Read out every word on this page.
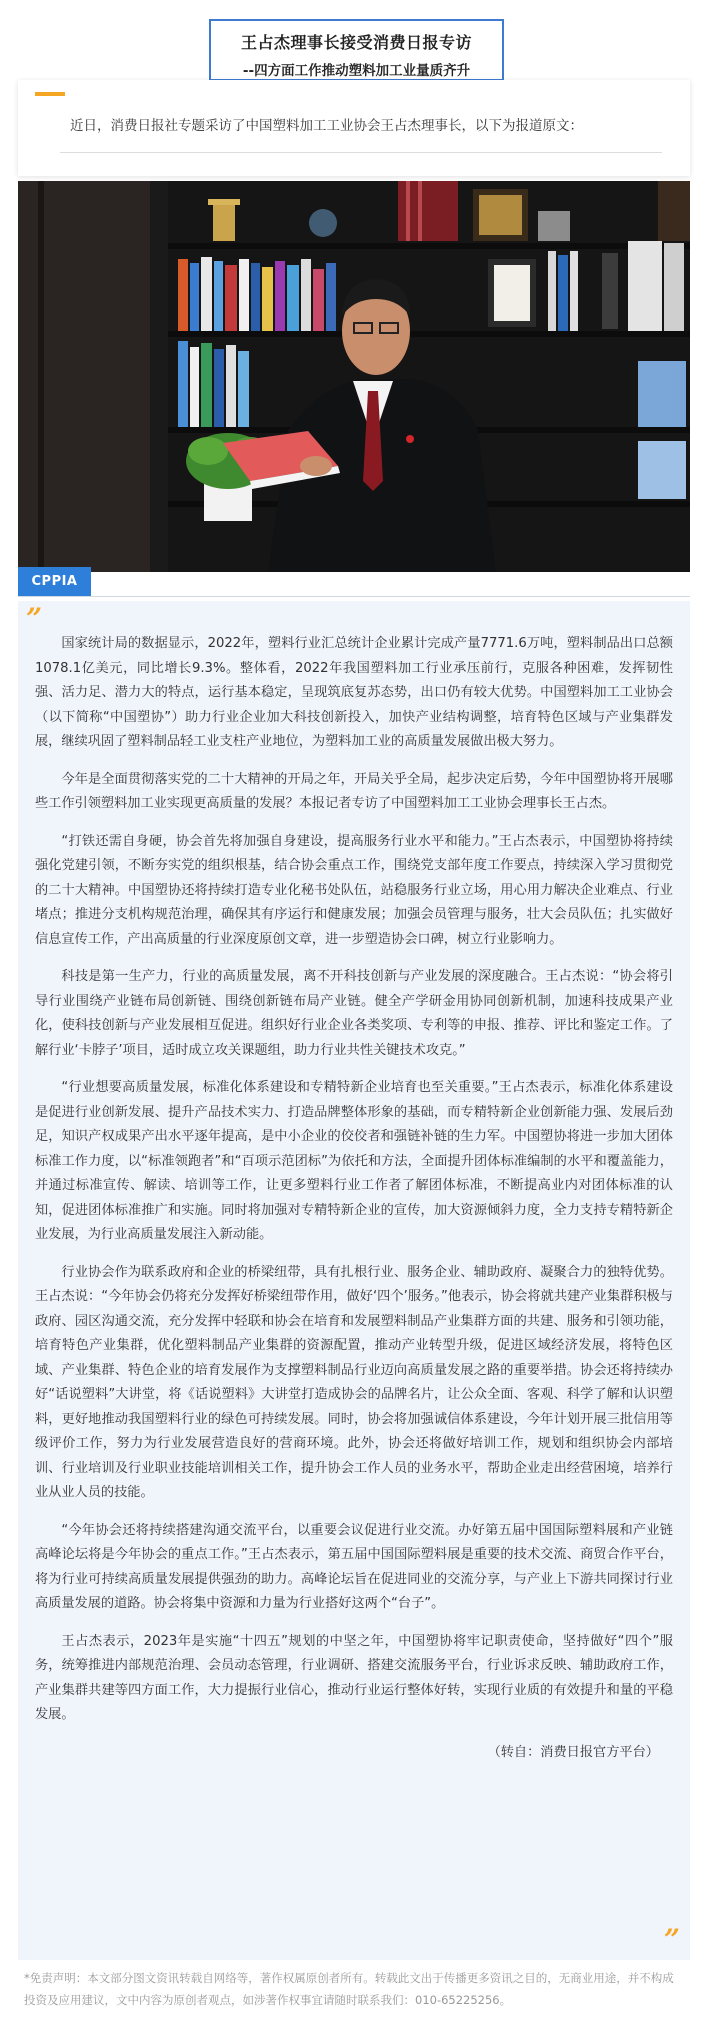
王占杰理事长接受消费日报专访
--四方面工作推动塑料加工业量质齐升
近日，消费日报社专题采访了中国塑料加工工业协会王占杰理事长，以下为报道原文：
CPPIA
”

国家统计局的数据显示，2022年，塑料行业汇总统计企业累计完成产量7771.6万吨，塑料制品出口总额1078.1亿美元，同比增长9.3%。整体看，2022年我国塑料加工行业承压前行，克服各种困难，发挥韧性强、活力足、潜力大的特点，运行基本稳定，呈现筑底复苏态势，出口仍有较大优势。中国塑料加工工业协会（以下简称“中国塑协”）助力行业企业加大科技创新投入，加快产业结构调整，培育特色区域与产业集群发展，继续巩固了塑料制品轻工业支柱产业地位，为塑料加工业的高质量发展做出极大努力。

今年是全面贯彻落实党的二十大精神的开局之年，开局关乎全局，起步决定后势，今年中国塑协将开展哪些工作引领塑料加工业实现更高质量的发展？本报记者专访了中国塑料加工工业协会理事长王占杰。

“打铁还需自身硬，协会首先将加强自身建设，提高服务行业水平和能力。”王占杰表示，中国塑协将持续强化党建引领，不断夯实党的组织根基，结合协会重点工作，围绕党支部年度工作要点，持续深入学习贯彻党的二十大精神。中国塑协还将持续打造专业化秘书处队伍，站稳服务行业立场，用心用力解决企业难点、行业堵点；推进分支机构规范治理，确保其有序运行和健康发展；加强会员管理与服务，壮大会员队伍；扎实做好信息宣传工作，产出高质量的行业深度原创文章，进一步塑造协会口碑，树立行业影响力。

科技是第一生产力，行业的高质量发展，离不开科技创新与产业发展的深度融合。王占杰说：“协会将引导行业围绕产业链布局创新链、围绕创新链布局产业链。健全产学研金用协同创新机制，加速科技成果产业化，使科技创新与产业发展相互促进。组织好行业企业各类奖项、专利等的申报、推荐、评比和鉴定工作。了解行业‘卡脖子’项目，适时成立攻关课题组，助力行业共性关键技术攻克。”

“行业想要高质量发展，标准化体系建设和专精特新企业培育也至关重要。”王占杰表示，标准化体系建设是促进行业创新发展、提升产品技术实力、打造品牌整体形象的基础，而专精特新企业创新能力强、发展后劲足，知识产权成果产出水平逐年提高，是中小企业的佼佼者和强链补链的生力军。中国塑协将进一步加大团体标准工作力度，以“标准领跑者”和“百项示范团标”为依托和方法，全面提升团体标准编制的水平和覆盖能力，并通过标准宣传、解读、培训等工作，让更多塑料行业工作者了解团体标准，不断提高业内对团体标准的认知，促进团体标准推广和实施。同时将加强对专精特新企业的宣传，加大资源倾斜力度，全力支持专精特新企业发展，为行业高质量发展注入新动能。

行业协会作为联系政府和企业的桥梁纽带，具有扎根行业、服务企业、辅助政府、凝聚合力的独特优势。王占杰说：“今年协会仍将充分发挥好桥梁纽带作用，做好‘四个’服务。”他表示，协会将就共建产业集群积极与政府、园区沟通交流，充分发挥中轻联和协会在培育和发展塑料制品产业集群方面的共建、服务和引领功能，培育特色产业集群，优化塑料制品产业集群的资源配置，推动产业转型升级，促进区域经济发展，将特色区域、产业集群、特色企业的培育发展作为支撑塑料制品行业迈向高质量发展之路的重要举措。协会还将持续办好“话说塑料”大讲堂，将《话说塑料》大讲堂打造成协会的品牌名片，让公众全面、客观、科学了解和认识塑料，更好地推动我国塑料行业的绿色可持续发展。同时，协会将加强诚信体系建设，今年计划开展三批信用等级评价工作，努力为行业发展营造良好的营商环境。此外，协会还将做好培训工作，规划和组织协会内部培训、行业培训及行业职业技能培训相关工作，提升协会工作人员的业务水平，帮助企业走出经营困境，培养行业从业人员的技能。

“今年协会还将持续搭建沟通交流平台，以重要会议促进行业交流。办好第五届中国国际塑料展和产业链高峰论坛将是今年协会的重点工作。”王占杰表示，第五届中国国际塑料展是重要的技术交流、商贸合作平台，将为行业可持续高质量发展提供强劲的助力。高峰论坛旨在促进同业的交流分享，与产业上下游共同探讨行业高质量发展的道路。协会将集中资源和力量为行业搭好这两个“台子”。

王占杰表示，2023年是实施“十四五”规划的中坚之年，中国塑协将牢记职责使命，坚持做好“四个”服务，统筹推进内部规范治理、会员动态管理，行业调研、搭建交流服务平台，行业诉求反映、辅助政府工作，产业集群共建等四方面工作，大力提振行业信心，推动行业运行整体好转，实现行业质的有效提升和量的平稳发展。

（转自：消费日报官方平台）

”
*免责声明：本文部分图文资讯转载自网络等，著作权属原创者所有。转载此文出于传播更多资讯之目的，无商业用途，并不构成投资及应用建议，文中内容为原创者观点，如涉著作权事宜请随时联系我们：010-65225256。
